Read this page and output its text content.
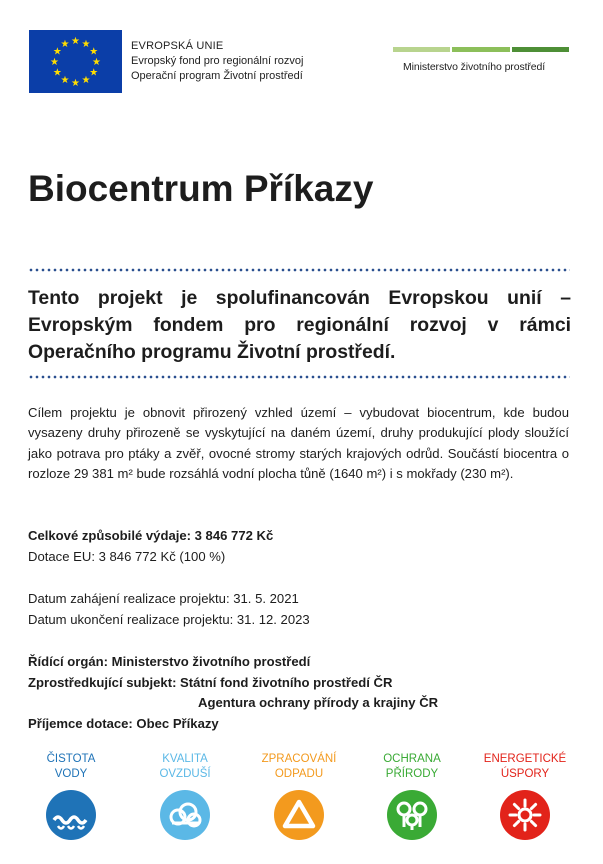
★ ★
★
★
★
★
★
★
★
★
★
★	EVROPSKÁ UNIE
Evropský fond pro regionální rozvoj
Operační program Životní prostředí
Ministerstvo životního prostředí
Biocentrum Příkazy

Tento projekt je spolufinancován Evropskou unií – Evropským fondem pro regionální rozvoj v rámci Operačního programu Životní prostředí.

Cílem projektu je obnovit přirozený vzhled území – vybudovat biocentrum, kde budou vysazeny druhy přirozeně se vyskytující na daném území, druhy produkující plody sloužící jako potrava pro ptáky a zvěř, ovocné stromy starých krajových odrůd. Součástí biocentra o rozloze 29 381 m² bude rozsáhlá vodní plocha tůně (1640 m²) i s mokřady (230 m²).

Celkové způsobilé výdaje: 3 846 772 Kč
Dotace EU: 3 846 772 Kč (100 %)
Datum zahájení realizace projektu: 31. 5. 2021
Datum ukončení realizace projektu: 31. 12. 2023
Řídící orgán: Ministerstvo životního prostředí
Zprostředkující subjekt: Státní fond životního prostředí ČR
Agentura ochrany přírody a krajiny ČR
Příjemce dotace: Obec Příkazy
ČISTOTA
VODY
KVALITA
OVZDUŠÍ
ZPRACOVÁNÍ
ODPADU
OCHRANA
PŘÍRODY
ENERGETICKÉ
ÚSPORY
